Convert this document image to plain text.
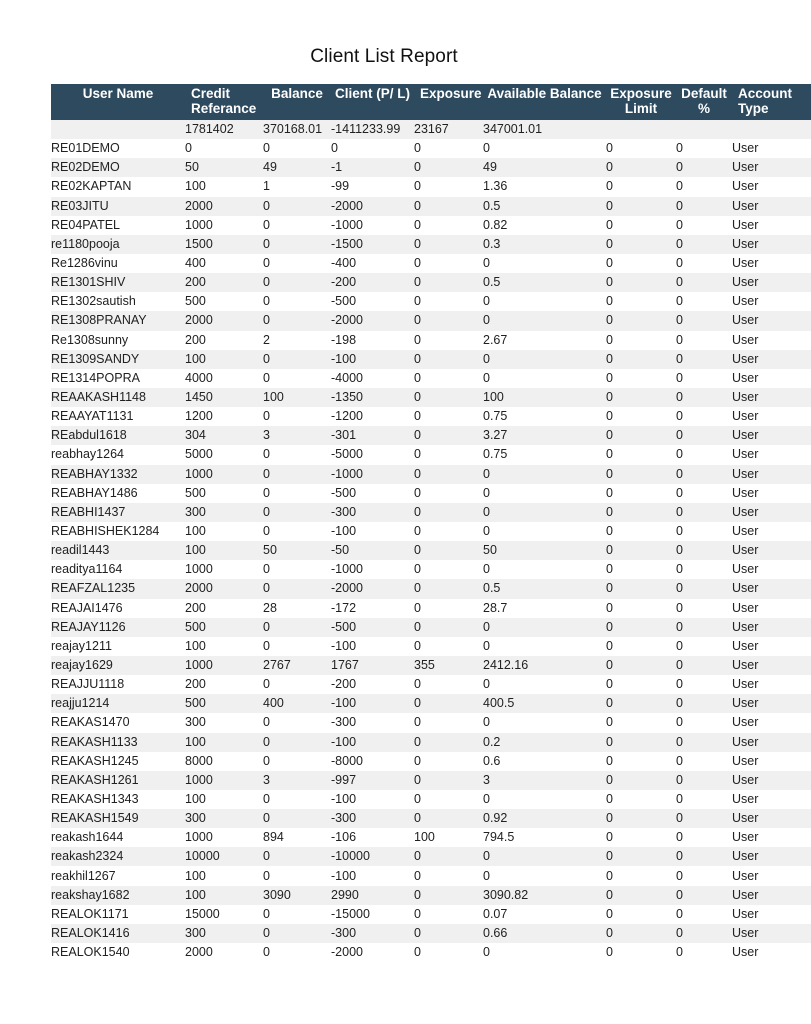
Client List Report
User Name	Credit Referance	Balance	Client (P/ L)	Exposure	Available Balance	Exposure Limit	Default %	Account Type
	1781402	370168.01	-1411233.99	23167	347001.01			
RE01DEMO	0	0	0	0	0	0	0	User
RE02DEMO	50	49	-1	0	49	0	0	User
RE02KAPTAN	100	1	-99	0	1.36	0	0	User
RE03JITU	2000	0	-2000	0	0.5	0	0	User
RE04PATEL	1000	0	-1000	0	0.82	0	0	User
re1180pooja	1500	0	-1500	0	0.3	0	0	User
Re1286vinu	400	0	-400	0	0	0	0	User
RE1301SHIV	200	0	-200	0	0.5	0	0	User
RE1302sautish	500	0	-500	0	0	0	0	User
RE1308PRANAY	2000	0	-2000	0	0	0	0	User
Re1308sunny	200	2	-198	0	2.67	0	0	User
RE1309SANDY	100	0	-100	0	0	0	0	User
RE1314POPRA	4000	0	-4000	0	0	0	0	User
REAAKASH1148	1450	100	-1350	0	100	0	0	User
REAAYAT1131	1200	0	-1200	0	0.75	0	0	User
REabdul1618	304	3	-301	0	3.27	0	0	User
reabhay1264	5000	0	-5000	0	0.75	0	0	User
REABHAY1332	1000	0	-1000	0	0	0	0	User
REABHAY1486	500	0	-500	0	0	0	0	User
REABHI1437	300	0	-300	0	0	0	0	User
REABHISHEK1284	100	0	-100	0	0	0	0	User
readil1443	100	50	-50	0	50	0	0	User
readitya1164	1000	0	-1000	0	0	0	0	User
REAFZAL1235	2000	0	-2000	0	0.5	0	0	User
REAJAI1476	200	28	-172	0	28.7	0	0	User
REAJAY1126	500	0	-500	0	0	0	0	User
reajay1211	100	0	-100	0	0	0	0	User
reajay1629	1000	2767	1767	355	2412.16	0	0	User
REAJJU1118	200	0	-200	0	0	0	0	User
reajju1214	500	400	-100	0	400.5	0	0	User
REAKAS1470	300	0	-300	0	0	0	0	User
REAKASH1133	100	0	-100	0	0.2	0	0	User
REAKASH1245	8000	0	-8000	0	0.6	0	0	User
REAKASH1261	1000	3	-997	0	3	0	0	User
REAKASH1343	100	0	-100	0	0	0	0	User
REAKASH1549	300	0	-300	0	0.92	0	0	User
reakash1644	1000	894	-106	100	794.5	0	0	User
reakash2324	10000	0	-10000	0	0	0	0	User
reakhil1267	100	0	-100	0	0	0	0	User
reakshay1682	100	3090	2990	0	3090.82	0	0	User
REALOK1171	15000	0	-15000	0	0.07	0	0	User
REALOK1416	300	0	-300	0	0.66	0	0	User
REALOK1540	2000	0	-2000	0	0	0	0	User
